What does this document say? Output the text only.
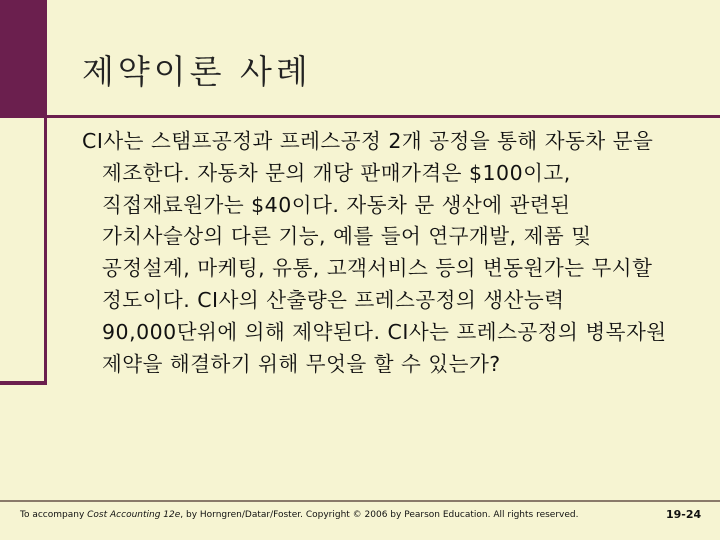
제약이론 사례

CI사는 스탬프공정과 프레스공정 2개 공정을 통해 자동차 문을 제조한다. 자동차 문의 개당 판매가격은 $100이고, 직접재료원가는 $40이다. 자동차 문 생산에 관련된 가치사슬상의 다른 기능, 예를 들어 연구개발, 제품 및 공정설계, 마케팅, 유통, 고객서비스 등의 변동원가는 무시할 정도이다. CI사의 산출량은 프레스공정의 생산능력 90,000단위에 의해 제약된다. CI사는 프레스공정의 병목자원 제약을 해결하기 위해 무엇을 할 수 있는가?

To accompany Cost Accounting 12e, by Horngren/Datar/Foster. Copyright © 2006 by Pearson Education. All rights reserved.	19-24
